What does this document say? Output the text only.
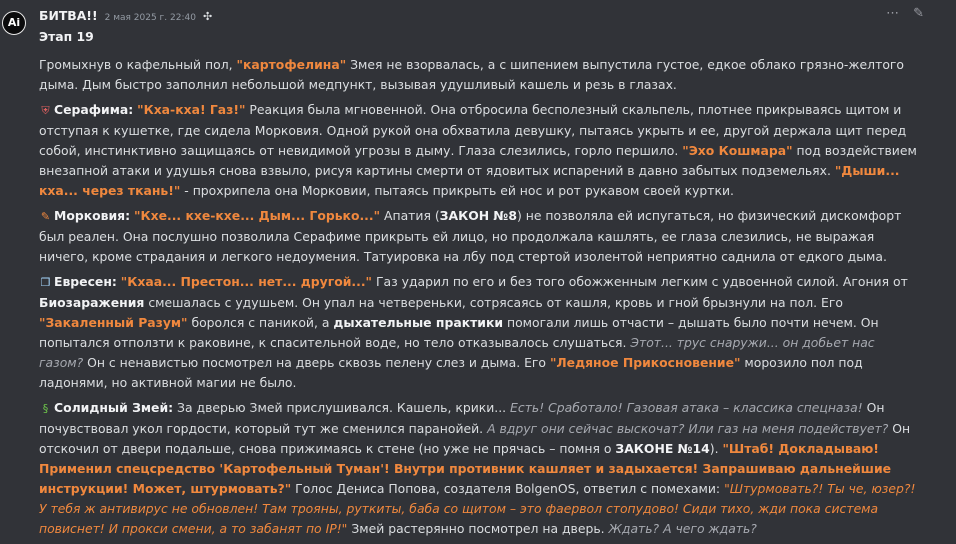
Ai БИТВА!! 2 мая 2025 г. 22:40 ✣	⋯ ✎
Этап 19

Громыхнув о кафельный пол, "картофелина" Змея не взорвалась, а с шипением выпустила густое, едкое облако грязно-желтого дыма. Дым быстро заполнил небольшой медпункт, вызывая удушливый кашель и резь в глазах.

⛨ Серафима: "Кха-кха! Газ!" Реакция была мгновенной. Она отбросила бесполезный скальпель, плотнее прикрываясь щитом и отступая к кушетке, где сидела Морковия. Одной рукой она обхватила девушку, пытаясь укрыть и ее, другой держала щит перед собой, инстинктивно защищаясь от невидимой угрозы в дыму. Глаза слезились, горло першило. "Эхо Кошмара" под воздействием внезапной атаки и удушья снова взвыло, рисуя картины смерти от ядовитых испарений в давно забытых подземельях. "Дыши... кха... через ткань!" - прохрипела она Морковии, пытаясь прикрыть ей нос и рот рукавом своей куртки.

✎ Морковия: "Кхе... кхе-кхе... Дым... Горько..." Апатия (ЗАКОН №8) не позволяла ей испугаться, но физический дискомфорт был реален. Она послушно позволила Серафиме прикрыть ей лицо, но продолжала кашлять, ее глаза слезились, не выражая ничего, кроме страдания и легкого недоумения. Татуировка на лбу под стертой изолентой неприятно саднила от едкого дыма.

❒ Евресен: "Кхаа... Престон... нет... другой..." Газ ударил по его и без того обожженным легким с удвоенной силой. Агония от Биозаражения смешалась с удушьем. Он упал на четвереньки, сотрясаясь от кашля, кровь и гной брызнули на пол. Его "Закаленный Разум" боролся с паникой, а дыхательные практики помогали лишь отчасти – дышать было почти нечем. Он попытался отползти к раковине, к спасительной воде, но тело отказывалось слушаться. Этот... трус снаружи... он добьет нас газом? Он с ненавистью посмотрел на дверь сквозь пелену слез и дыма. Его "Ледяное Прикосновение" морозило пол под ладонями, но активной магии не было.

§ Солидный Змей: За дверью Змей прислушивался. Кашель, крики... Есть! Сработало! Газовая атака – классика спецназа! Он почувствовал укол гордости, который тут же сменился паранойей. А вдруг они сейчас выскочат? Или газ на меня подействует? Он отскочил от двери подальше, снова прижимаясь к стене (но уже не прячась – помня о ЗАКОНЕ №14). "Штаб! Докладываю! Применил спецсредство 'Картофельный Туман'! Внутри противник кашляет и задыхается! Запрашиваю дальнейшие инструкции! Может, штурмовать?" Голос Дениса Попова, создателя BolgenOS, ответил с помехами: "Штурмовать?! Ты че, юзер?! У тебя ж антивирус не обновлен! Там трояны, руткиты, баба со щитом – это фаервол стопудово! Сиди тихо, жди пока система повиснет! И прокси смени, а то забанят по IP!" Змей растерянно посмотрел на дверь. Ждать? А чего ждать?
